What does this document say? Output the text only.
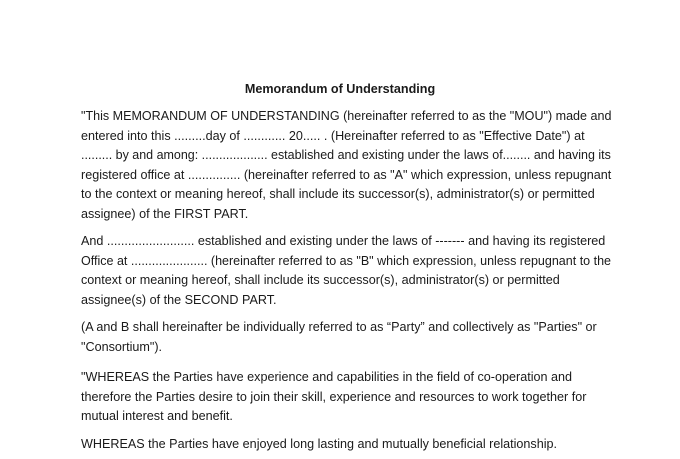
Memorandum of Understanding

"This MEMORANDUM OF UNDERSTANDING (hereinafter referred to as the "MOU") made and
entered into this .........day of ............ 20..... . (Hereinafter referred to as "Effective Date") at
......... by and among: ................... established and existing under the laws of........ and having its
registered office at ............... (hereinafter referred to as "A" which expression, unless repugnant
to the context or meaning hereof, shall include its successor(s), administrator(s) or permitted
assignee) of the FIRST PART.

And ......................... established and existing under the laws of ------- and having its registered
Office at ...................... (hereinafter referred to as "B" which expression, unless repugnant to the
context or meaning hereof, shall include its successor(s), administrator(s) or permitted
assignee(s) of the SECOND PART.

(A and B shall hereinafter be individually referred to as “Party” and collectively as "Parties" or
"Consortium").

"WHEREAS the Parties have experience and capabilities in the field of co-operation and
therefore the Parties desire to join their skill, experience and resources to work together for
mutual interest and benefit.

WHEREAS the Parties have enjoyed long lasting and mutually beneficial relationship.
